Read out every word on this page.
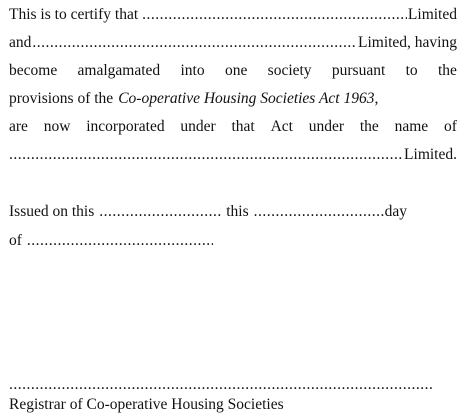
This is to certify that .....	Limited
and .....	Limited, having
become amalgamated into one society pursuant to the
provisions of the Co-operative Housing Societies Act 1963 ,
are now incorporated under that Act under the name of
.....
Limited.
Issued on this .....	this .....	day
of
.....
.....
Registrar of Co-operative Housing Societies
